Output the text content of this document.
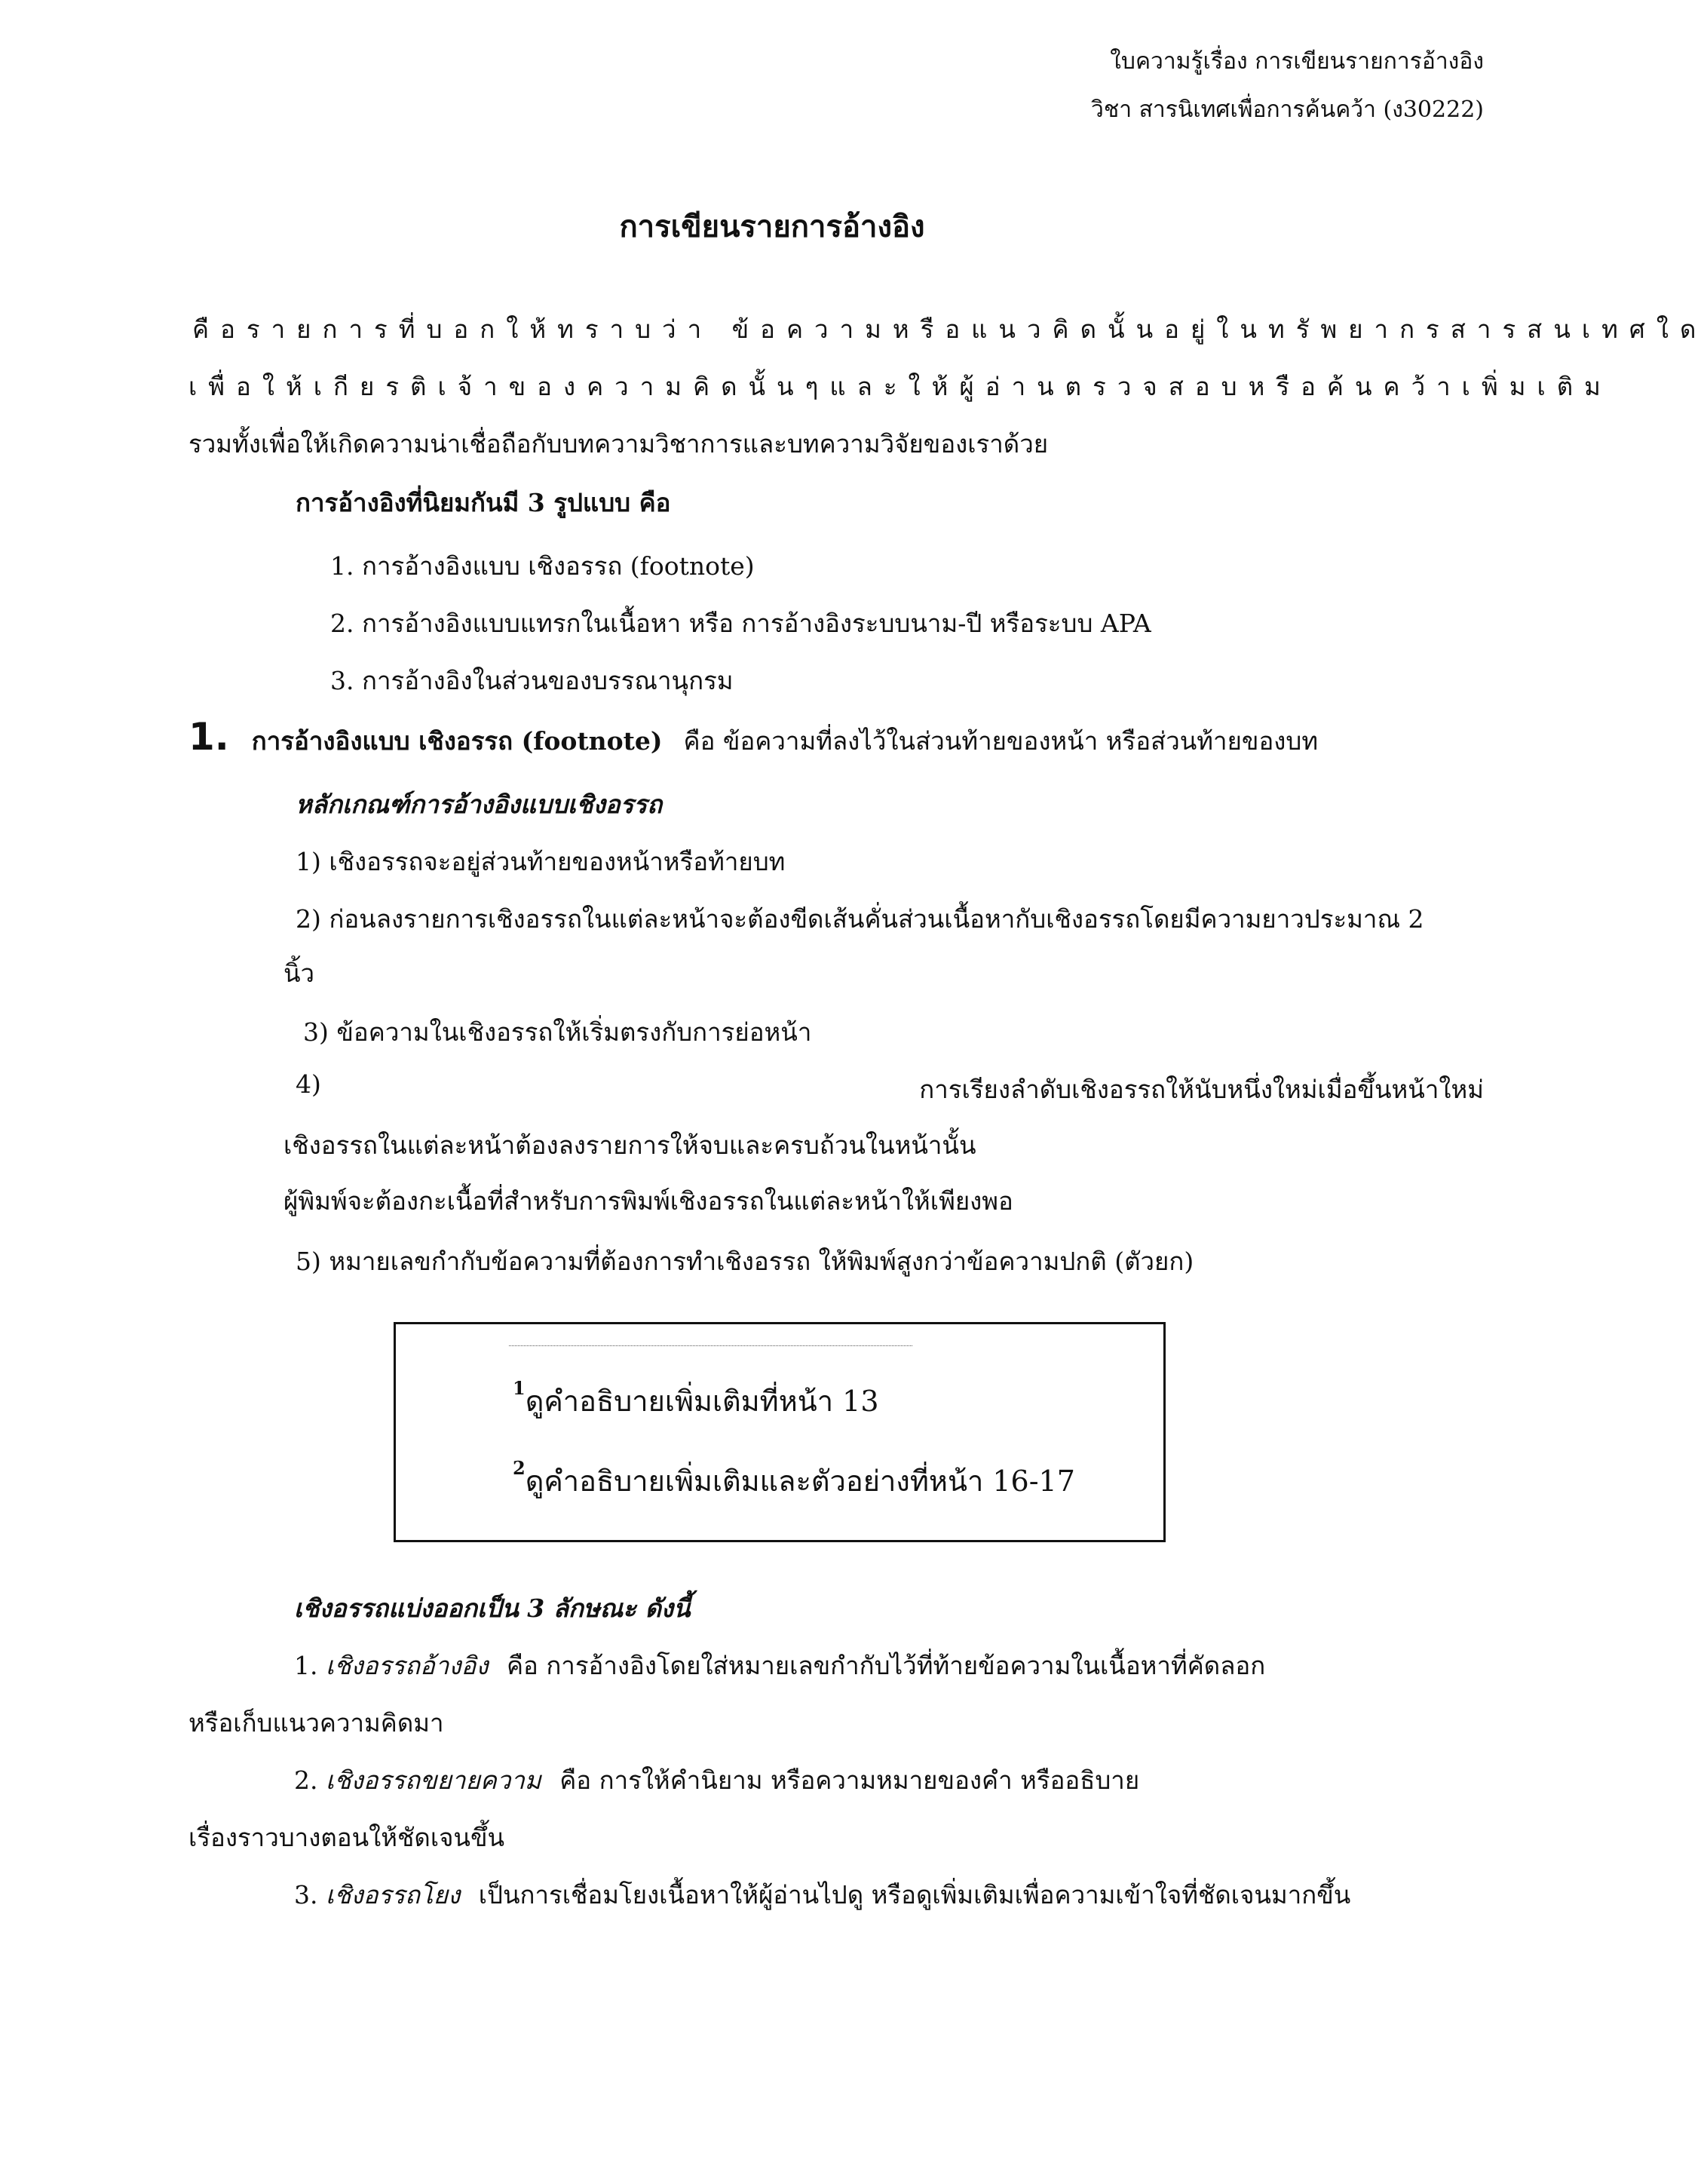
ใบความรู้เรื่อง การเขียนรายการอ้างอิง
วิชา สารนิเทศเพื่อการค้นคว้า (ง30222)
การเขียนรายการอ้างอิง
คือ รายการที่บอกให้ทราบว่า ข้อความหรือแนวคิดนั้นอยู่ในทรัพยากรสารสนเทศใด
เพื่อให้เกียรติเจ้าของความคิดนั้นๆ และให้ผู้อ่านตรวจสอบหรือค้นคว้าเพิ่มเติม
รวมทั้งเพื่อให้เกิดความน่าเชื่อถือกับบทความวิชาการและบทความวิจัยของเราด้วย
การอ้างอิงที่นิยมกันมี 3 รูปแบบ คือ
1. การอ้างอิงแบบ เชิงอรรถ (footnote)
2. การอ้างอิงแบบแทรกในเนื้อหา หรือ การอ้างอิงระบบนาม-ปี หรือระบบ APA
3. การอ้างอิงในส่วนของบรรณานุกรม
1. การอ้างอิงแบบ เชิงอรรถ (footnote) คือ ข้อความที่ลงไว้ในส่วนท้ายของหน้า หรือส่วนท้ายของบท
หลักเกณฑ์การอ้างอิงแบบเชิงอรรถ
1) เชิงอรรถจะอยู่ส่วนท้ายของหน้าหรือท้ายบท
2) ก่อนลงรายการเชิงอรรถในแต่ละหน้าจะต้องขีดเส้นคั่นส่วนเนื้อหากับเชิงอรรถโดยมีความยาวประมาณ 2
นิ้ว
3) ข้อความในเชิงอรรถให้เริ่มตรงกับการย่อหน้า
4)	การเรียงลำดับเชิงอรรถให้นับหนึ่งใหม่เมื่อขึ้นหน้าใหม่
เชิงอรรถในแต่ละหน้าต้องลงรายการให้จบและครบถ้วนในหน้านั้น
ผู้พิมพ์จะต้องกะเนื้อที่สำหรับการพิมพ์เชิงอรรถในแต่ละหน้าให้เพียงพอ
5) หมายเลขกำกับข้อความที่ต้องการทำเชิงอรรถ ให้พิมพ์สูงกว่าข้อความปกติ (ตัวยก)
$^1$ดูคำอธิบายเพิ่มเติมที่หน้า 13
$^2$ดูคำอธิบายเพิ่มเติมและตัวอย่างที่หน้า 16-17
เชิงอรรถแบ่งออกเป็น 3 ลักษณะ ดังนี้
1. เชิงอรรถอ้างอิง คือ การอ้างอิงโดยใส่หมายเลขกำกับไว้ที่ท้ายข้อความในเนื้อหาที่คัดลอก
หรือเก็บแนวความคิดมา
2. เชิงอรรถขยายความ คือ การให้คำนิยาม หรือความหมายของคำ หรืออธิบาย
เรื่องราวบางตอนให้ชัดเจนขึ้น
3. เชิงอรรถโยง เป็นการเชื่อมโยงเนื้อหาให้ผู้อ่านไปดู หรือดูเพิ่มเติมเพื่อความเข้าใจที่ชัดเจนมากขึ้น
